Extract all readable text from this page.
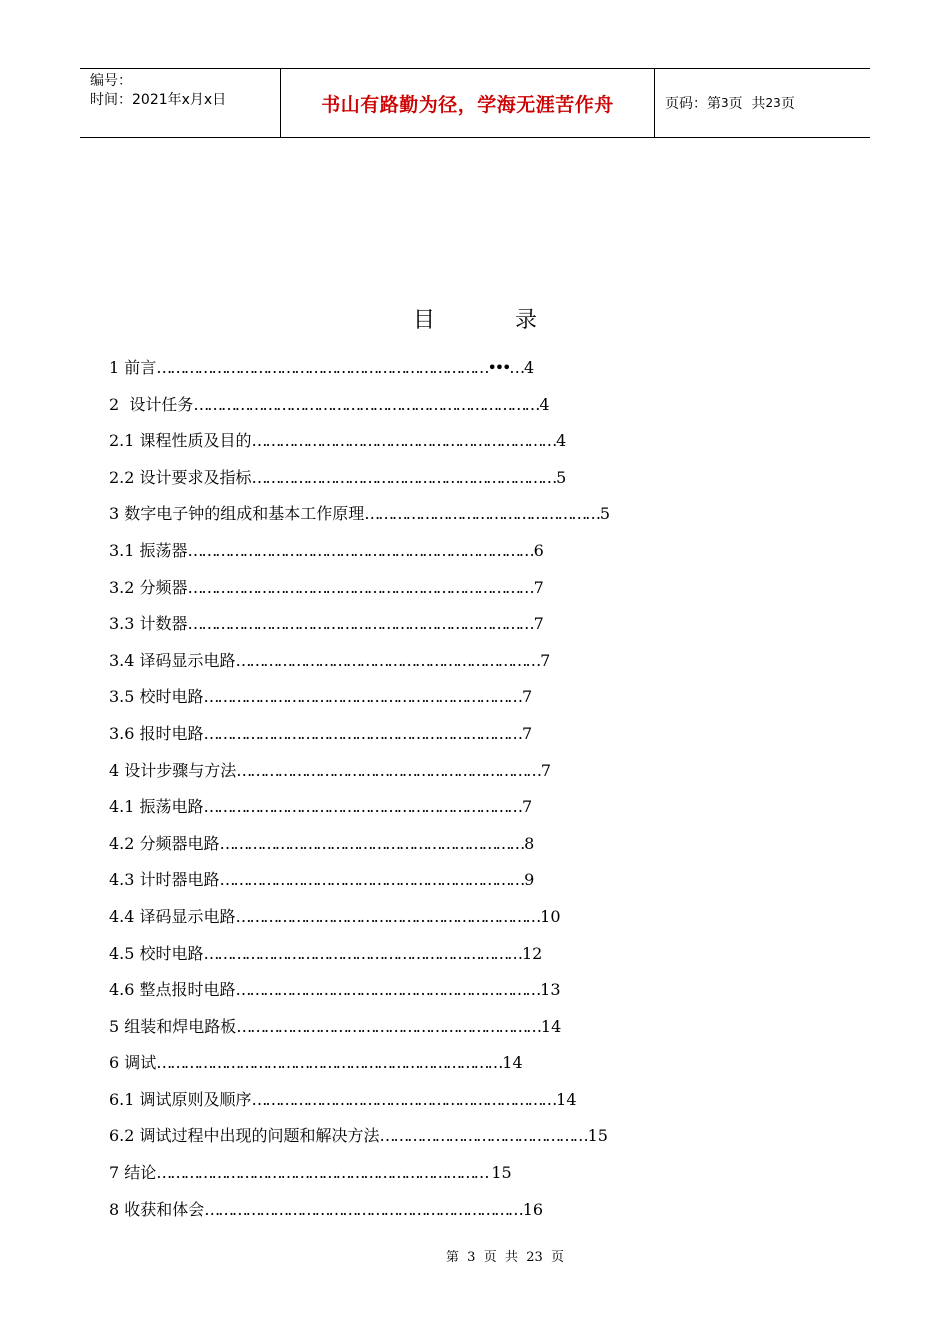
编号：
时间：2021年x月x日	书山有路勤为径，学海无涯苦作舟	页码：第 3 页  共 23 页
目	录
1 前言………………………………………………………………•••…4
2  设计任务…………………………………………………………………4
2.1 课程性质及目的…………………………………………………………4
2.2 设计要求及指标…………………………………………………………5
3 数字电子钟的组成和基本工作原理……………………………………………5
3.1 振荡器…………………………………………………………………6
3.2 分频器…………………………………………………………………7
3.3 计数器…………………………………………………………………7
3.4 译码显示电路…………………………………………………………7
3.5 校时电路……………………………………………………………7
3.6 报时电路……………………………………………………………7
4 设计步骤与方法…………………………………………………………7
4.1 振荡电路……………………………………………………………7
4.2 分频器电路…………………………………………………………8
4.3 计时器电路…………………………………………………………9
4.4 译码显示电路…………………………………………………………10
4.5 校时电路……………………………………………………………12
4.6 整点报时电路…………………………………………………………13
5 组装和焊电路板…………………………………………………………14
6 调试…………………………………………………………………14
6.1 调试原则及顺序…………………………………………………………14
6.2 调试过程中出现的问题和解决方法………………………………………15
7 结论……………………………………………………………… 15
8 收获和体会……………………………………………………………16
第  3  页  共  23  页
